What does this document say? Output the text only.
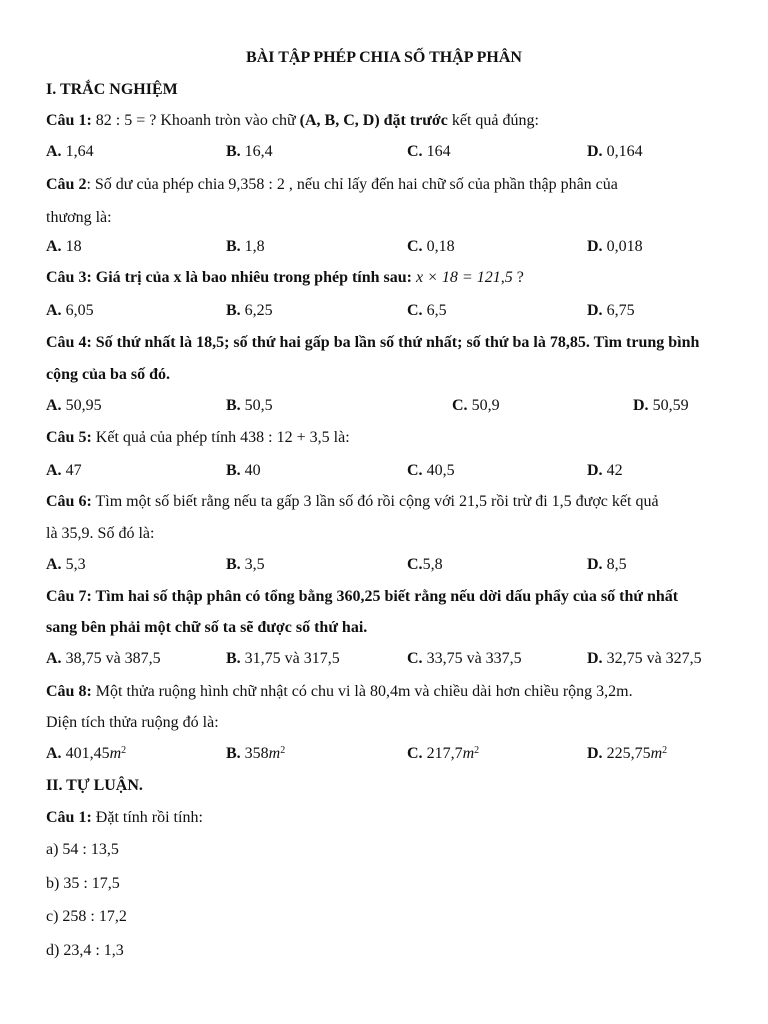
BÀI TẬP PHÉP CHIA SỐ THẬP PHÂN
I. TRẮC NGHIỆM
Câu 1: 82 : 5 = ? Khoanh tròn vào chữ (A, B, C, D) đặt trước kết quả đúng:
A. 1,64	B. 16,4	C. 164	D. 0,164
Câu 2: Số dư của phép chia 9,358 : 2 , nếu chỉ lấy đến hai chữ số của phần thập phân của
thương là:
A. 18	B. 1,8	C. 0,18	D. 0,018
Câu 3: Giá trị của x là bao nhiêu trong phép tính sau: x × 18 = 121,5 ?
A. 6,05	B. 6,25	C. 6,5	D. 6,75
Câu 4: Số thứ nhất là 18,5; số thứ hai gấp ba lần số thứ nhất; số thứ ba là 78,85. Tìm trung bình
cộng của ba số đó.
A. 50,95	B. 50,5	C. 50,9	D. 50,59
Câu 5: Kết quả của phép tính 438 : 12 + 3,5 là:
A. 47	B. 40	C. 40,5	D. 42
Câu 6: Tìm một số biết rằng nếu ta gấp 3 lần số đó rồi cộng với 21,5 rồi trừ đi 1,5 được kết quả
là 35,9. Số đó là:
A. 5,3	B. 3,5	C.5,8	D. 8,5
Câu 7: Tìm hai số thập phân có tổng bằng 360,25 biết rằng nếu dời dấu phẩy của số thứ nhất
sang bên phải một chữ số ta sẽ được số thứ hai.
A. 38,75 và 387,5	B. 31,75 và 317,5	C. 33,75 và 337,5	D. 32,75 và 327,5
Câu 8: Một thửa ruộng hình chữ nhật có chu vi là 80,4m và chiều dài hơn chiều rộng 3,2m.
Diện tích thửa ruộng đó là:
A. $401,45m^2$	B. $358m^2$	C. $217,7m^2$	D. $225,75m^2$
II. TỰ LUẬN.
Câu 1: Đặt tính rồi tính:
a) 54 : 13,5
b) 35 : 17,5
c) 258 : 17,2
d) 23,4 : 1,3
